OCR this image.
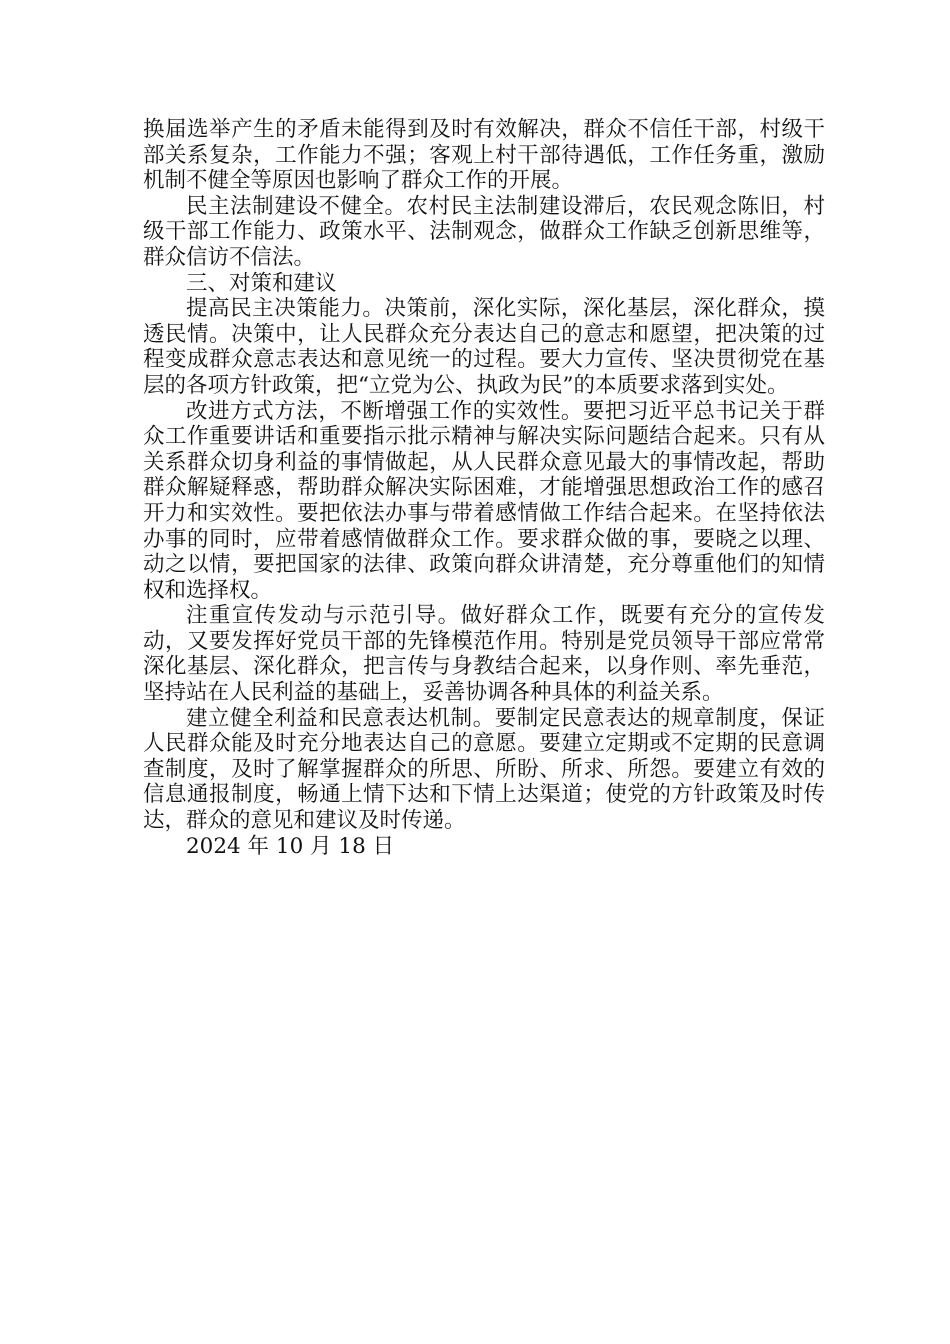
换届选举产生的矛盾未能得到及时有效解决，群众不信任干部，村级干部关系复杂，工作能力不强；客观上村干部待遇低，工作任务重，激励机制不健全等原因也影响了群众工作的开展。

民主法制建设不健全。农村民主法制建设滞后，农民观念陈旧，村级干部工作能力、政策水平、法制观念，做群众工作缺乏创新思维等，群众信访不信法。

三、对策和建议

提高民主决策能力。决策前，深化实际，深化基层，深化群众，摸透民情。决策中，让人民群众充分表达自己的意志和愿望，把决策的过程变成群众意志表达和意见统一的过程。要大力宣传、坚决贯彻党在基层的各项方针政策，把“立党为公、执政为民”的本质要求落到实处。

改进方式方法，不断增强工作的实效性。要把习近平总书记关于群众工作重要讲话和重要指示批示精神与解决实际问题结合起来。只有从关系群众切身利益的事情做起，从人民群众意见最大的事情改起，帮助群众解疑释惑，帮助群众解决实际困难，才能增强思想政治工作的感召开力和实效性。要把依法办事与带着感情做工作结合起来。在坚持依法办事的同时，应带着感情做群众工作。要求群众做的事，要晓之以理、动之以情，要把国家的法律、政策向群众讲清楚，充分尊重他们的知情权和选择权。

注重宣传发动与示范引导。做好群众工作，既要有充分的宣传发动，又要发挥好党员干部的先锋模范作用。特别是党员领导干部应常常深化基层、深化群众，把言传与身教结合起来，以身作则、率先垂范，坚持站在人民利益的基础上，妥善协调各种具体的利益关系。

建立健全利益和民意表达机制。要制定民意表达的规章制度，保证人民群众能及时充分地表达自己的意愿。要建立定期或不定期的民意调查制度，及时了解掌握群众的所思、所盼、所求、所怨。要建立有效的信息通报制度，畅通上情下达和下情上达渠道；使党的方针政策及时传达，群众的意见和建议及时传递。

2024 年 10 月 18 日
